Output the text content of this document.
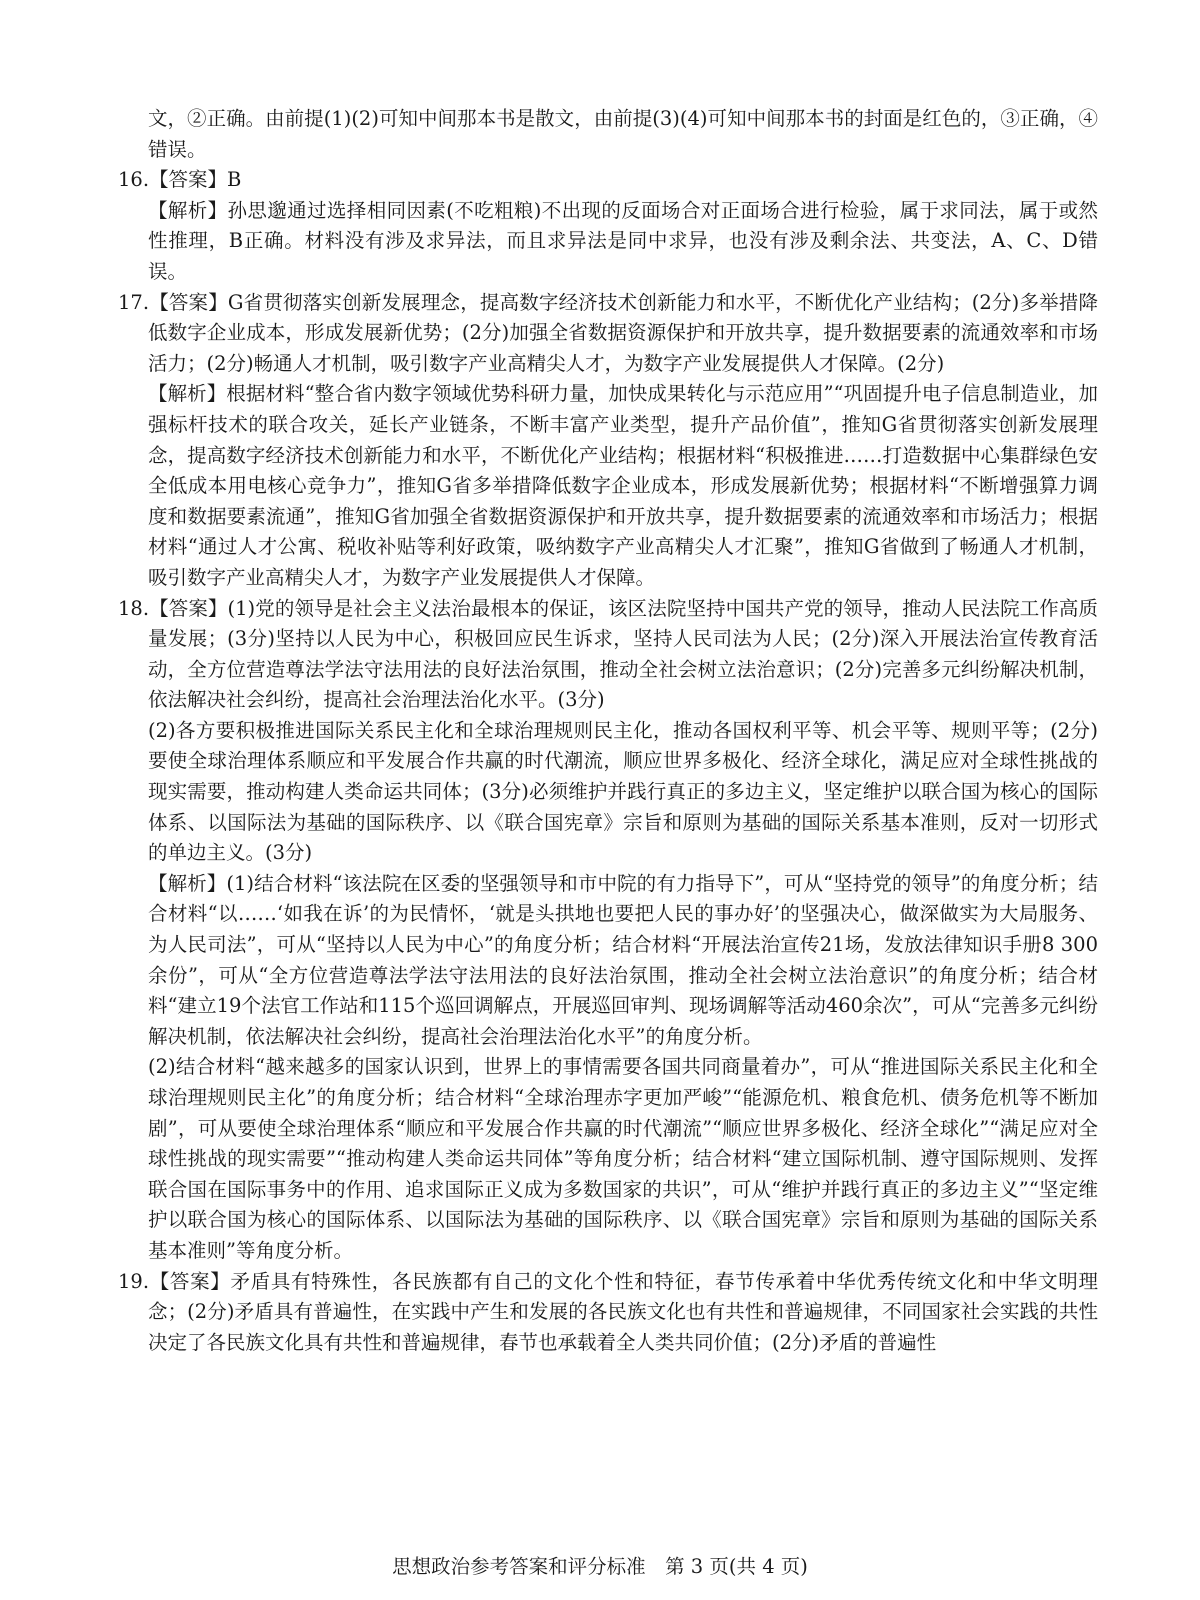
文，②正确。由前提(1)(2)可知中间那本书是散文，由前提(3)(4)可知中间那本书的封面是红色的，③正确，④错误。

16.【答案】B

【解析】孙思邈通过选择相同因素(不吃粗粮)不出现的反面场合对正面场合进行检验，属于求同法，属于或然性推理，B正确。材料没有涉及求异法，而且求异法是同中求异，也没有涉及剩余法、共变法，A、C、D错误。

17.【答案】G省贯彻落实创新发展理念，提高数字经济技术创新能力和水平，不断优化产业结构；(2分)多举措降低数字企业成本，形成发展新优势；(2分)加强全省数据资源保护和开放共享，提升数据要素的流通效率和市场活力；(2分)畅通人才机制，吸引数字产业高精尖人才，为数字产业发展提供人才保障。(2分)

【解析】根据材料“整合省内数字领域优势科研力量，加快成果转化与示范应用”“巩固提升电子信息制造业，加强标杆技术的联合攻关，延长产业链条，不断丰富产业类型，提升产品价值”，推知G省贯彻落实创新发展理念，提高数字经济技术创新能力和水平，不断优化产业结构；根据材料“积极推进……打造数据中心集群绿色安全低成本用电核心竞争力”，推知G省多举措降低数字企业成本，形成发展新优势；根据材料“不断增强算力调度和数据要素流通”，推知G省加强全省数据资源保护和开放共享，提升数据要素的流通效率和市场活力；根据材料“通过人才公寓、税收补贴等利好政策，吸纳数字产业高精尖人才汇聚”，推知G省做到了畅通人才机制，吸引数字产业高精尖人才，为数字产业发展提供人才保障。

18.【答案】(1)党的领导是社会主义法治最根本的保证，该区法院坚持中国共产党的领导，推动人民法院工作高质量发展；(3分)坚持以人民为中心，积极回应民生诉求，坚持人民司法为人民；(2分)深入开展法治宣传教育活动，全方位营造尊法学法守法用法的良好法治氛围，推动全社会树立法治意识；(2分)完善多元纠纷解决机制，依法解决社会纠纷，提高社会治理法治化水平。(3分)

(2)各方要积极推进国际关系民主化和全球治理规则民主化，推动各国权利平等、机会平等、规则平等；(2分)要使全球治理体系顺应和平发展合作共赢的时代潮流，顺应世界多极化、经济全球化，满足应对全球性挑战的现实需要，推动构建人类命运共同体；(3分)必须维护并践行真正的多边主义，坚定维护以联合国为核心的国际体系、以国际法为基础的国际秩序、以《联合国宪章》宗旨和原则为基础的国际关系基本准则，反对一切形式的单边主义。(3分)

【解析】(1)结合材料“该法院在区委的坚强领导和市中院的有力指导下”，可从“坚持党的领导”的角度分析；结合材料“以……‘如我在诉’的为民情怀，‘就是头拱地也要把人民的事办好’的坚强决心，做深做实为大局服务、为人民司法”，可从“坚持以人民为中心”的角度分析；结合材料“开展法治宣传21场，发放法律知识手册8 300余份”，可从“全方位营造尊法学法守法用法的良好法治氛围，推动全社会树立法治意识”的角度分析；结合材料“建立19个法官工作站和115个巡回调解点，开展巡回审判、现场调解等活动460余次”，可从“完善多元纠纷解决机制，依法解决社会纠纷，提高社会治理法治化水平”的角度分析。

(2)结合材料“越来越多的国家认识到，世界上的事情需要各国共同商量着办”，可从“推进国际关系民主化和全球治理规则民主化”的角度分析；结合材料“全球治理赤字更加严峻”“能源危机、粮食危机、债务危机等不断加剧”，可从要使全球治理体系“顺应和平发展合作共赢的时代潮流”“顺应世界多极化、经济全球化”“满足应对全球性挑战的现实需要”“推动构建人类命运共同体”等角度分析；结合材料“建立国际机制、遵守国际规则、发挥联合国在国际事务中的作用、追求国际正义成为多数国家的共识”，可从“维护并践行真正的多边主义”“坚定维护以联合国为核心的国际体系、以国际法为基础的国际秩序、以《联合国宪章》宗旨和原则为基础的国际关系基本准则”等角度分析。

19.【答案】矛盾具有特殊性，各民族都有自己的文化个性和特征，春节传承着中华优秀传统文化和中华文明理念；(2分)矛盾具有普遍性，在实践中产生和发展的各民族文化也有共性和普遍规律，不同国家社会实践的共性决定了各民族文化具有共性和普遍规律，春节也承载着全人类共同价值；(2分)矛盾的普遍性

思想政治参考答案和评分标准　第 3 页(共 4 页)
